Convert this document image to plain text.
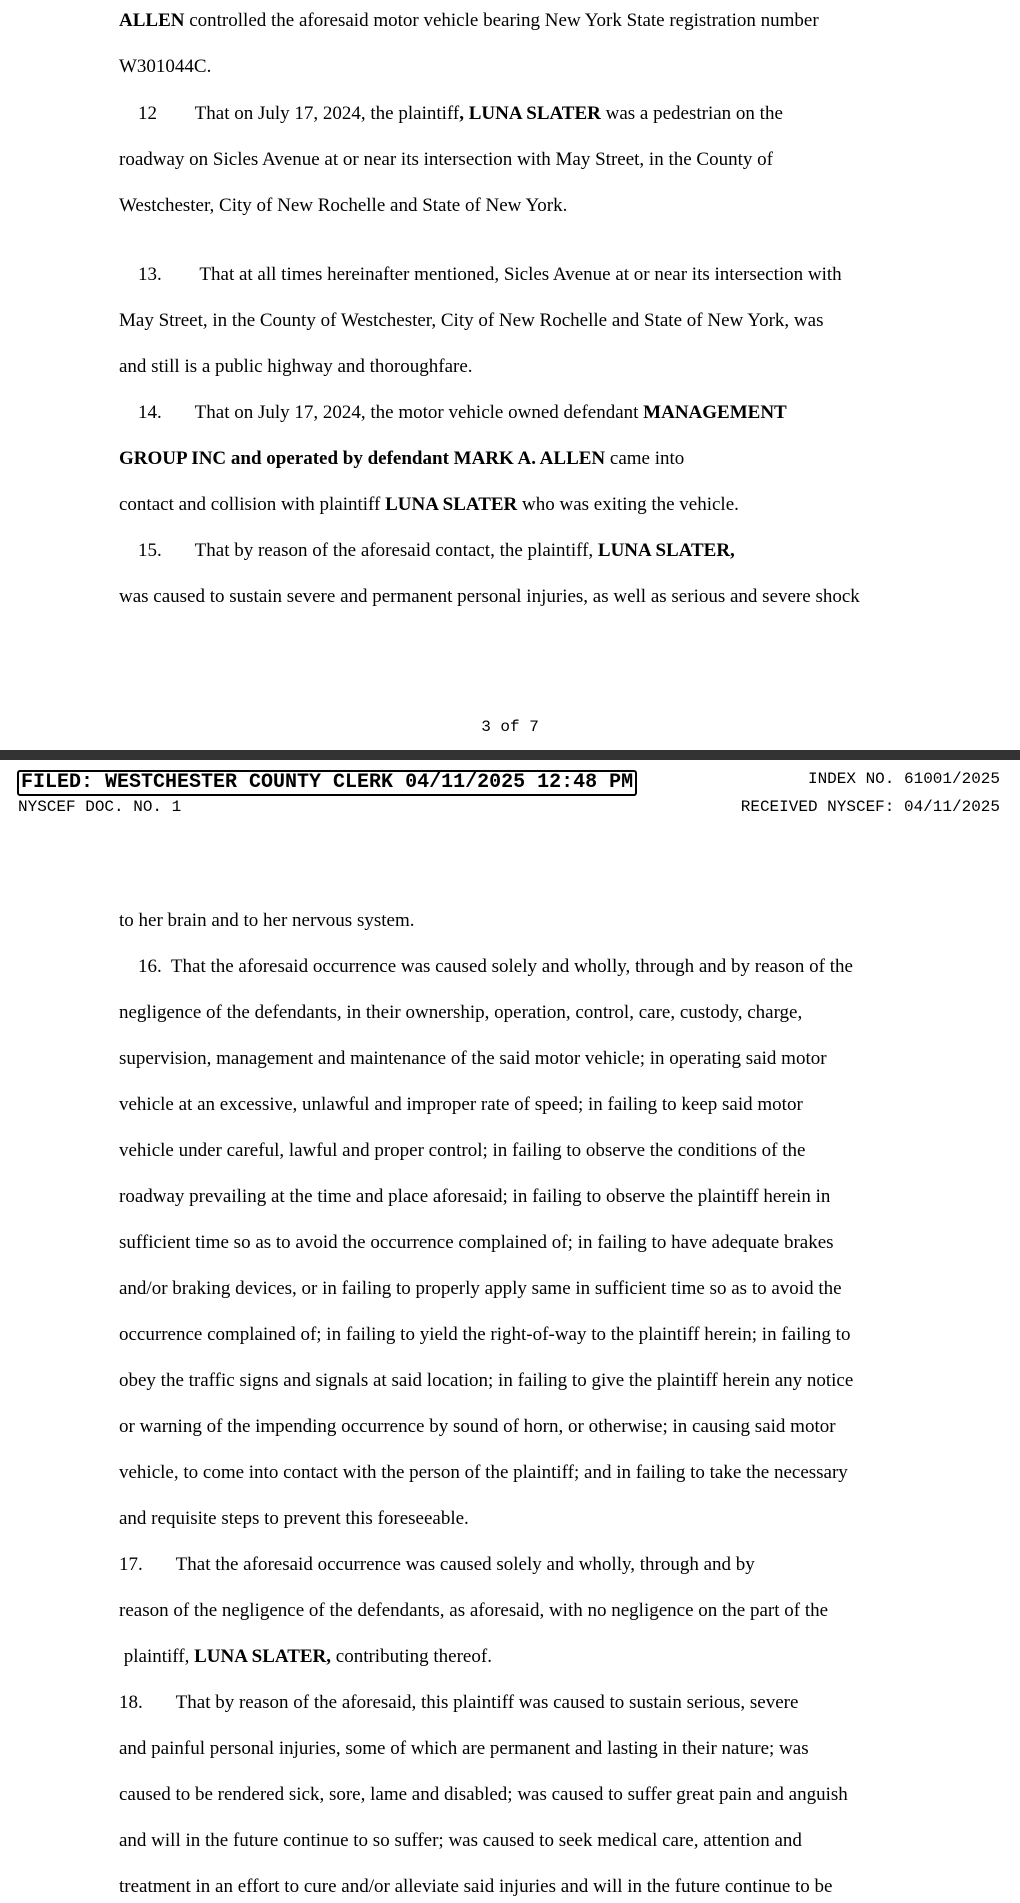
ALLEN controlled the aforesaid motor vehicle bearing New York State registration number
W301044C.
12        That on July 17, 2024, the plaintiff, LUNA SLATER was a pedestrian on the
roadway on Sicles Avenue at or near its intersection with May Street, in the County of
Westchester, City of New Rochelle and State of New York.
13.        That at all times hereinafter mentioned, Sicles Avenue at or near its intersection with
May Street, in the County of Westchester, City of New Rochelle and State of New York, was
and still is a public highway and thoroughfare.
14.       That on July 17, 2024, the motor vehicle owned defendant MANAGEMENT
GROUP INC and operated by defendant MARK A. ALLEN came into
contact and collision with plaintiff LUNA SLATER who was exiting the vehicle.
15.       That by reason of the aforesaid contact, the plaintiff, LUNA SLATER,
was caused to sustain severe and permanent personal injuries, as well as serious and severe shock
3 of 7
to her brain and to her nervous system.
16.  That the aforesaid occurrence was caused solely and wholly, through and by reason of the
negligence of the defendants, in their ownership, operation, control, care, custody, charge,
supervision, management and maintenance of the said motor vehicle; in operating said motor
vehicle at an excessive, unlawful and improper rate of speed; in failing to keep said motor
vehicle under careful, lawful and proper control; in failing to observe the conditions of the
roadway prevailing at the time and place aforesaid; in failing to observe the plaintiff herein in
sufficient time so as to avoid the occurrence complained of; in failing to have adequate brakes
and/or braking devices, or in failing to properly apply same in sufficient time so as to avoid the
occurrence complained of; in failing to yield the right-of-way to the plaintiff herein; in failing to
obey the traffic signs and signals at said location; in failing to give the plaintiff herein any notice
or warning of the impending occurrence by sound of horn, or otherwise; in causing said motor
vehicle, to come into contact with the person of the plaintiff; and in failing to take the necessary
and requisite steps to prevent this foreseeable.
17.       That the aforesaid occurrence was caused solely and wholly, through and by
reason of the negligence of the defendants, as aforesaid, with no negligence on the part of the
plaintiff, LUNA SLATER, contributing thereof.
18.       That by reason of the aforesaid, this plaintiff was caused to sustain serious, severe
and painful personal injuries, some of which are permanent and lasting in their nature; was
caused to be rendered sick, sore, lame and disabled; was caused to suffer great pain and anguish
and will in the future continue to so suffer; was caused to seek medical care, attention and
treatment in an effort to cure and/or alleviate said injuries and will in the future continue to be
FILED: WESTCHESTER COUNTY CLERK 04/11/2025 12:48 PM	INDEX NO. 61001/2025
NYSCEF DOC. NO. 1	RECEIVED NYSCEF: 04/11/2025
